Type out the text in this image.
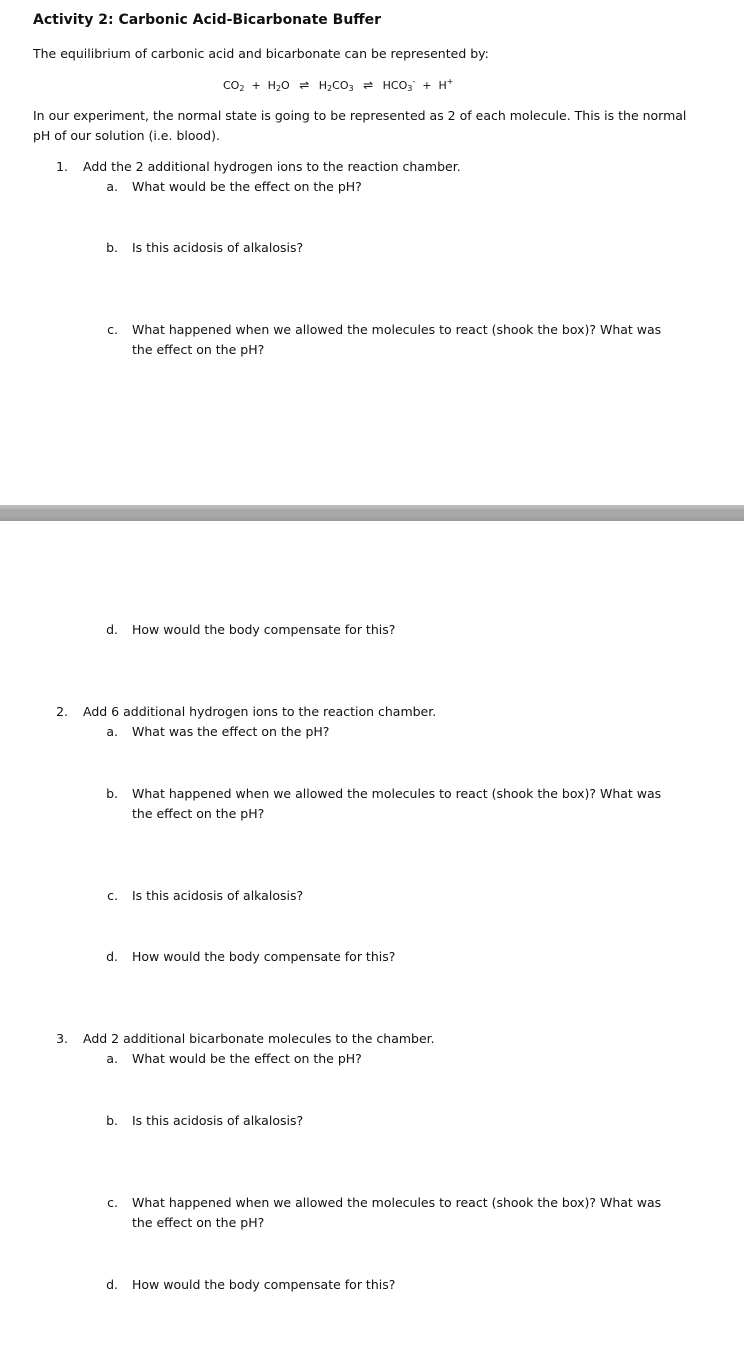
Activity 2: Carbonic Acid-Bicarbonate Buffer
The equilibrium of carbonic acid and bicarbonate can be represented by:
$CO_2 + H_2O$ ⇌ $H_2CO_3$ ⇌ $HCO_3^- + H^+$
In our experiment, the normal state is going to be represented as 2 of each molecule. This is the normal
pH of our solution (i.e. blood).
1. Add the 2 additional hydrogen ions to the reaction chamber.
a. What would be the effect on the pH?
b. Is this acidosis of alkalosis?
c. What happened when we allowed the molecules to react (shook the box)? What was
the effect on the pH?
d. How would the body compensate for this?
2. Add 6 additional hydrogen ions to the reaction chamber.
a. What was the effect on the pH?
b. What happened when we allowed the molecules to react (shook the box)? What was
the effect on the pH?
c. Is this acidosis of alkalosis?
d. How would the body compensate for this?
3. Add 2 additional bicarbonate molecules to the chamber.
a. What would be the effect on the pH?
b. Is this acidosis of alkalosis?
c. What happened when we allowed the molecules to react (shook the box)? What was
the effect on the pH?
d. How would the body compensate for this?
